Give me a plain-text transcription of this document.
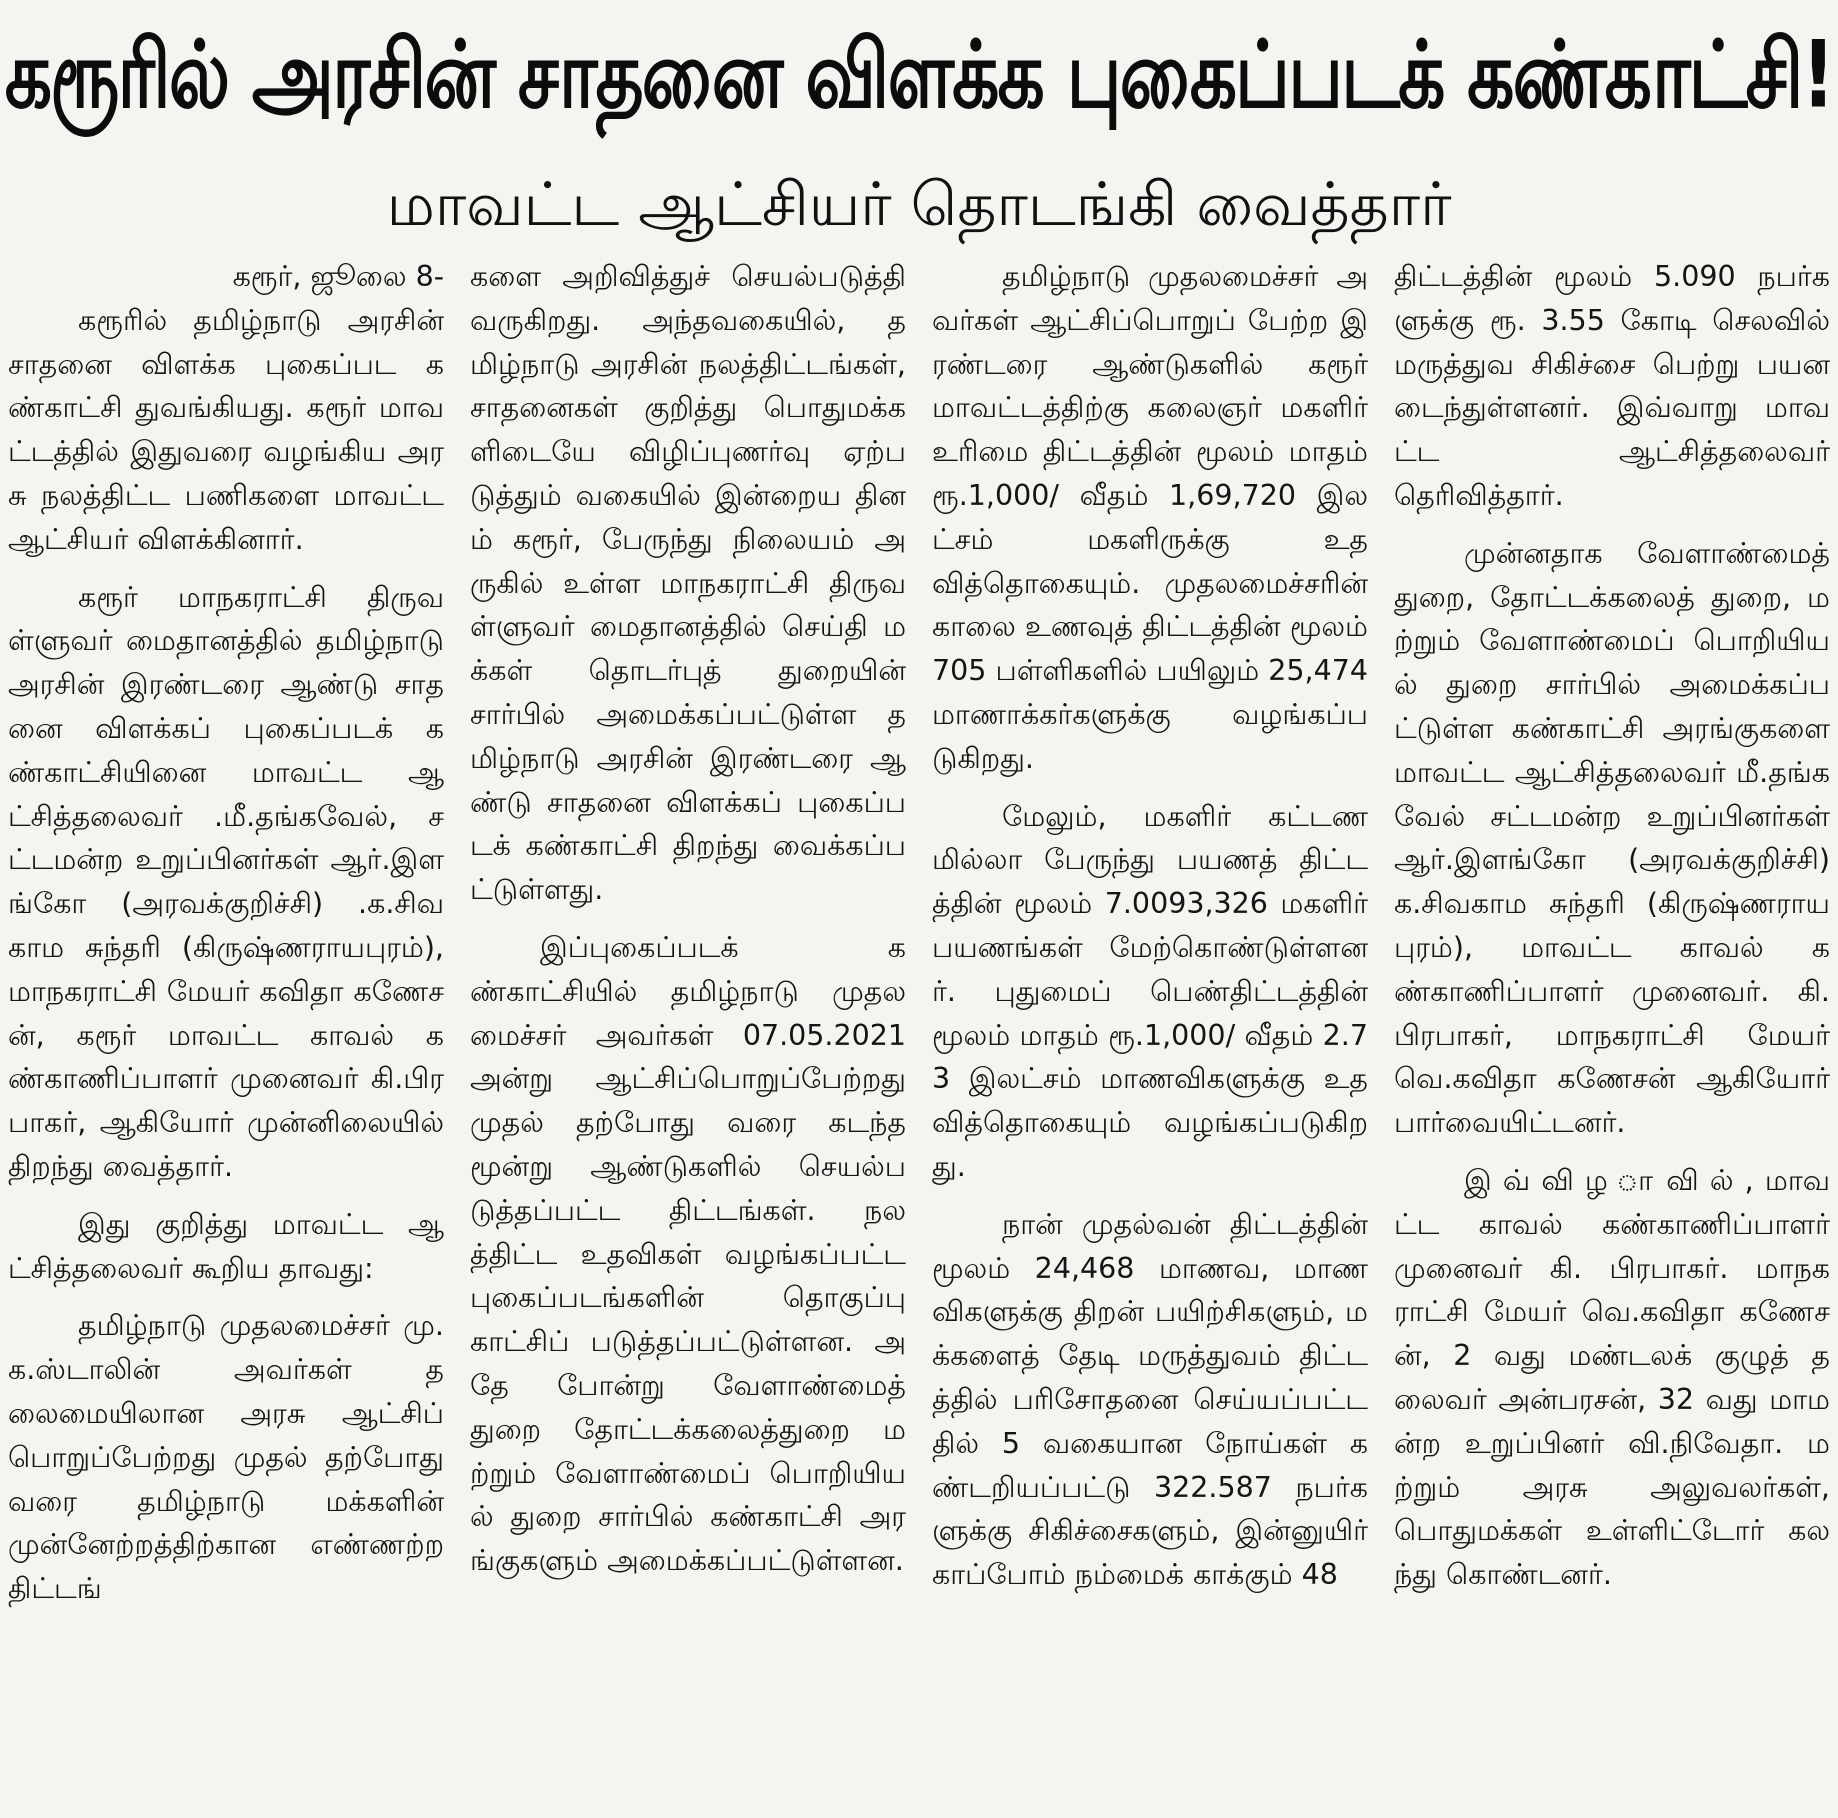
கரூரில் அரசின் சாதனை விளக்க புகைப்படக் கண்காட்சி!
மாவட்ட ஆட்சியர் தொடங்கி வைத்தார்

கரூர், ஜூலை 8-

கரூரில் தமிழ்நாடு அரசின் சாதனை விளக்க புகைப்பட கண்காட்சி துவங்கியது. கரூர் மாவட்டத்தில் இதுவரை வழங்கிய அரசு நலத்திட்ட பணிகளை மாவட்ட ஆட்சியர் விளக்கினார்.

கரூர் மாநகராட்சி திருவள்ளுவர் மைதானத்தில் தமிழ்நாடு அரசின் இரண்டரை ஆண்டு சாதனை விளக்கப் புகைப்படக் கண்காட்சியினை மாவட்ட ஆட்சித்தலைவர் .மீ.தங்கவேல், சட்டமன்ற உறுப்பினர்கள் ஆர்.இளங்கோ (அரவக்குறிச்சி) .க.சிவகாம சுந்தரி (கிருஷ்ணராயபுரம்), மாநகராட்சி மேயர் கவிதா கணேசன், கரூர் மாவட்ட காவல் கண்காணிப்பாளர் முனைவர் கி.பிரபாகர், ஆகியோர் முன்னிலையில் திறந்து வைத்தார்.

இது குறித்து மாவட்ட ஆட்சித்தலைவர் கூறிய தாவது:

தமிழ்நாடு முதலமைச்சர் மு.க.ஸ்டாலின் அவர்கள் தலைமையிலான அரசு ஆட்சிப் பொறுப்பேற்றது முதல் தற்போது வரை தமிழ்நாடு மக்களின் முன்னேற்றத்திற்கான எண்ணற்ற திட்டங்

களை அறிவித்துச் செயல்படுத்தி வருகிறது. அந்தவகையில், தமிழ்நாடு அரசின் நலத்திட்டங்கள், சாதனைகள் குறித்து பொதுமக்களிடையே விழிப்புணர்வு ஏற்படுத்தும் வகையில் இன்றைய தினம் கரூர், பேருந்து நிலையம் அருகில் உள்ள மாநகராட்சி திருவள்ளுவர் மைதானத்தில் செய்தி மக்கள் தொடர்புத் துறையின் சார்பில் அமைக்கப்பட்டுள்ள தமிழ்நாடு அரசின் இரண்டரை ஆண்டு சாதனை விளக்கப் புகைப்படக் கண்காட்சி திறந்து வைக்கப்பட்டுள்ளது.

இப்புகைப்படக் கண்காட்சியில் தமிழ்நாடு முதலமைச்சர் அவர்கள் 07.05.2021 அன்று ஆட்சிப்பொறுப்பேற்றது முதல் தற்போது வரை கடந்த மூன்று ஆண்டுகளில் செயல்படுத்தப்பட்ட திட்டங்கள். நலத்திட்ட உதவிகள் வழங்கப்பட்ட புகைப்படங்களின் தொகுப்பு காட்சிப் படுத்தப்பட்டுள்ளன. அதே போன்று வேளாண்மைத் துறை தோட்டக்கலைத்துறை மற்றும் வேளாண்மைப் பொறியியல் துறை சார்பில் கண்காட்சி அரங்குகளும் அமைக்கப்பட்டுள்ளன.

தமிழ்நாடு முதலமைச்சர் அவர்கள் ஆட்சிப்பொறுப் பேற்ற இரண்டரை ஆண்டுகளில் கரூர் மாவட்டத்திற்கு கலைஞர் மகளிர் உரிமை திட்டத்தின் மூலம் மாதம் ரூ.1,000/ வீதம் 1,69,720 இலட்சம் மகளிருக்கு உதவித்தொகையும். முதலமைச்சரின் காலை உணவுத் திட்டத்தின் மூலம் 705 பள்ளிகளில் பயிலும் 25,474 மாணாக்கர்களுக்கு வழங்கப்படுகிறது.

மேலும், மகளிர் கட்டணமில்லா பேருந்து பயணத் திட்டத்தின் மூலம் 7.0093,326 மகளிர் பயணங்கள் மேற்கொண்டுள்ளனர். புதுமைப் பெண்திட்டத்தின் மூலம் மாதம் ரூ.1,000/ வீதம் 2.73 இலட்சம் மாணவிகளுக்கு உதவித்தொகையும் வழங்கப்படுகிறது.

நான் முதல்வன் திட்டத்தின் மூலம் 24,468 மாணவ, மாணவிகளுக்கு திறன் பயிற்சிகளும், மக்களைத் தேடி மருத்துவம் திட்டத்தில் பரிசோதனை செய்யப்பட்டதில் 5 வகையான நோய்கள் கண்டறியப்பட்டு 322.587 நபர்களுக்கு சிகிச்சைகளும், இன்னுயிர் காப்போம் நம்மைக் காக்கும் 48

திட்டத்தின் மூலம் 5.090 நபர்களுக்கு ரூ. 3.55 கோடி செலவில் மருத்துவ சிகிச்சை பெற்று பயனடைந்துள்ளனர். இவ்வாறு மாவட்ட ஆட்சித்தலைவர் தெரிவித்தார்.

முன்னதாக வேளாண்மைத் துறை, தோட்டக்கலைத் துறை, மற்றும் வேளாண்மைப் பொறியியல் துறை சார்பில் அமைக்கப்பட்டுள்ள கண்காட்சி அரங்குகளை மாவட்ட ஆட்சித்தலைவர் மீ.தங்கவேல் சட்டமன்ற உறுப்பினர்கள் ஆர்.இளங்கோ (அரவக்குறிச்சி) க.சிவகாம சுந்தரி (கிருஷ்ணராயபுரம்), மாவட்ட காவல் கண்காணிப்பாளர் முனைவர். கி.பிரபாகர், மாநகராட்சி மேயர் வெ.கவிதா கணேசன் ஆகியோர் பார்வையிட்டனர்.

இ வ் வி ழ ா வி ல் , மாவட்ட காவல் கண்காணிப்பாளர் முனைவர் கி. பிரபாகர். மாநகராட்சி மேயர் வெ.கவிதா கணேசன், 2 வது மண்டலக் குழுத் தலைவர் அன்பரசன், 32 வது மாமன்ற உறுப்பினர் வி.நிவேதா. மற்றும் அரசு அலுவலர்கள், பொதுமக்கள் உள்ளிட்டோர் கலந்து கொண்டனர்.
